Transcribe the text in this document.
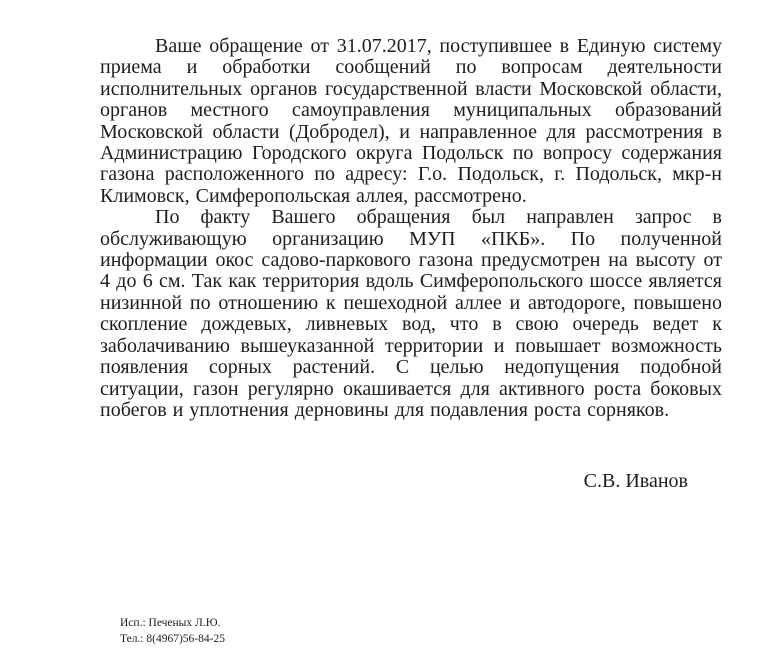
Ваше обращение от 31.07.2017, поступившее в Единую систему приема и обработки сообщений по вопросам деятельности исполнительных органов государственной власти Московской области, органов местного самоуправления муниципальных образований Московской области (Добродел), и направленное для рассмотрения в Администрацию Городского округа Подольск по вопросу содержания газона расположенного по адресу: Г.о. Подольск, г. Подольск, мкр-н Климовск, Симферопольская аллея, рассмотрено.

По факту Вашего обращения был направлен запрос в обслуживающую организацию МУП «ПКБ». По полученной информации окос садово-паркового газона предусмотрен на высоту от 4 до 6 см. Так как территория вдоль Симферопольского шоссе является низинной по отношению к пешеходной аллее и автодороге, повышено скопление дождевых, ливневых вод, что в свою очередь ведет к заболачиванию вышеуказанной территории и повышает возможность появления сорных растений. С целью недопущения подобной ситуации, газон регулярно окашивается для активного роста боковых побегов и уплотнения дерновины для подавления роста сорняков.

С.В. Иванов
Исп.: Печеных Л.Ю.
Тел.: 8(4967)56-84-25
